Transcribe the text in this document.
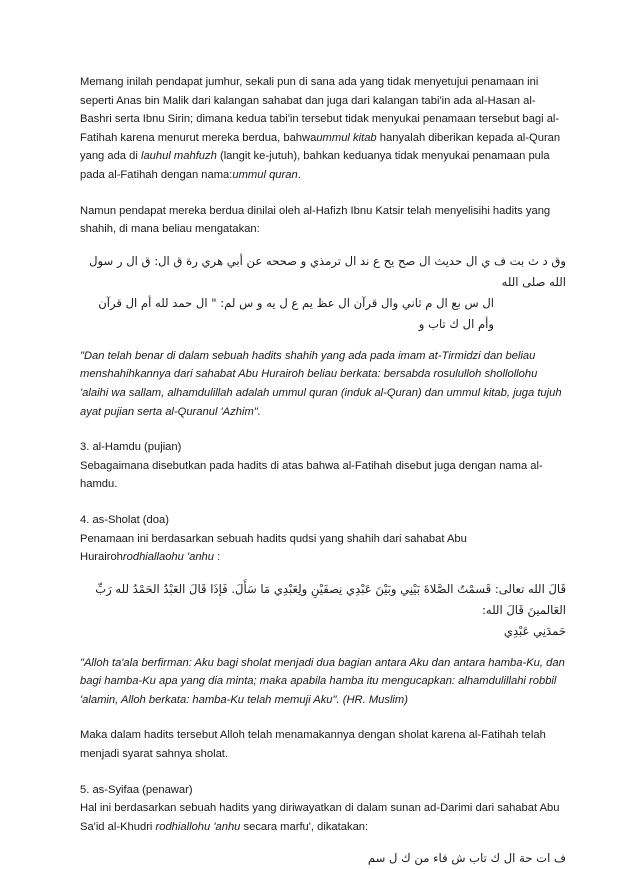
Memang inilah pendapat jumhur, sekali pun di sana ada yang tidak menyetujui penamaan ini seperti Anas bin Malik dari kalangan sahabat dan juga dari kalangan tabi'in ada al-Hasan al-Bashri serta Ibnu Sirin; dimana kedua tabi'in tersebut tidak menyukai penamaan tersebut bagi al-Fatihah karena menurut mereka berdua, bahwaummul kitab hanyalah diberikan kepada al-Quran yang ada di lauhul mahfuzh (langit ke-jutuh), bahkan keduanya tidak menyukai penamaan pula pada al-Fatihah dengan nama:ummul quran.

Namun pendapat mereka berdua dinilai oleh al-Hafizh Ibnu Katsir telah menyelisihi hadits yang shahih, di mana beliau mengatakan:

وق د ث بت ف ي ال حديث ال صح يح ع ند ال ترمذي و صححه عن أبي هري رة ق ال: ق ال ر سول الله صلى الله

ال س بع ال م ثاني وال قرآن ال عظ يم ع ل يه و س لم: " ال حمد لله أم ال قرآن وأم ال ك تاب و

"Dan telah benar di dalam sebuah hadits shahih yang ada pada imam at-Tirmidzi dan beliau menshahihkannya dari sahabat Abu Hurairoh beliau berkata: bersabda rosululloh shollollohu 'alaihi wa sallam, alhamdulillah adalah ummul quran (induk al-Quran) dan ummul kitab, juga tujuh ayat pujian serta al-Quranul 'Azhim".

3. al-Hamdu (pujian)

Sebagaimana disebutkan pada hadits di atas bahwa al-Fatihah disebut juga dengan nama al-hamdu.

4. as-Sholat (doa)

Penamaan ini berdasarkan sebuah hadits qudsi yang shahih dari sahabat Abu Hurairohrodhiallaohu 'anhu :

قَالَ الله تعالى: قَسمْتُ الصَّلاةَ بَيْنِي وبَيْنَ عَبْدِي نِصفَيْنِ ولِعَبْدِي مَا سَأَلَ. فَإذَا قَالَ العَبْدُ الحَمْدُ لله رَبِّ العَالمينَ قَالَ الله:

حَمدَنِي عَبْدِي

"Alloh ta'ala berfirman: Aku bagi sholat menjadi dua bagian antara Aku dan antara hamba-Ku, dan bagi hamba-Ku apa yang dia minta; maka apabila hamba itu mengucapkan: alhamdulillahi robbil 'alamin, Alloh berkata: hamba-Ku telah memuji Aku". (HR. Muslim)

Maka dalam hadits tersebut Alloh telah menamakannya dengan sholat karena al-Fatihah telah menjadi syarat sahnya sholat.

5. as-Syifaa (penawar)

Hal ini berdasarkan sebuah hadits yang diriwayatkan di dalam sunan ad-Darimi dari sahabat Abu Sa'id al-Khudri rodhiallohu 'anhu secara marfu', dikatakan:

ف ات حة ال ك تاب ش فاء من ك ل سم
